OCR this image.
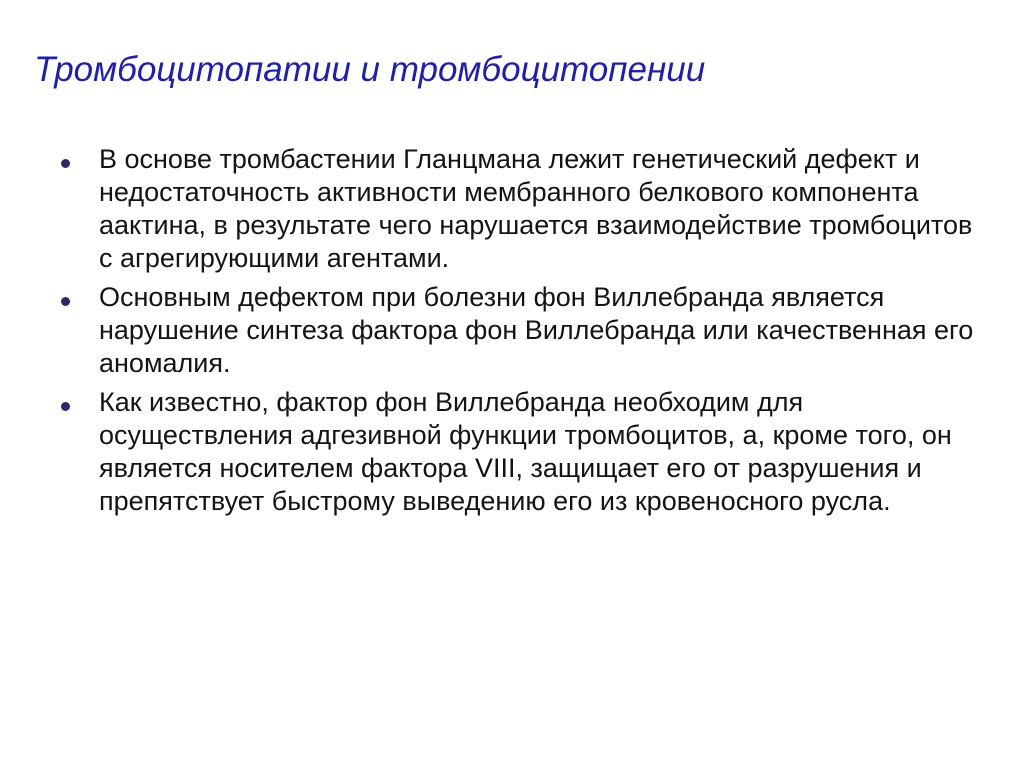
Тромбоцитопатии и тромбоцитопении
В основе тромбастении Гланцмана лежит генетический дефект и недостаточность активности мембранного белкового компонента аактина, в результате чего нарушается взаимодействие тромбоцитов с агрегирующими агентами.
Основным дефектом при болезни фон Виллебранда является нарушение синтеза фактора фон Виллебранда или качественная его аномалия.
Как известно, фактор фон Виллебранда необходим для осуществления адгезивной функции тромбоцитов, а, кроме того, он является носителем фактора VIII, защищает его от разрушения и препятствует быстрому выведению его из кровеносного русла.
